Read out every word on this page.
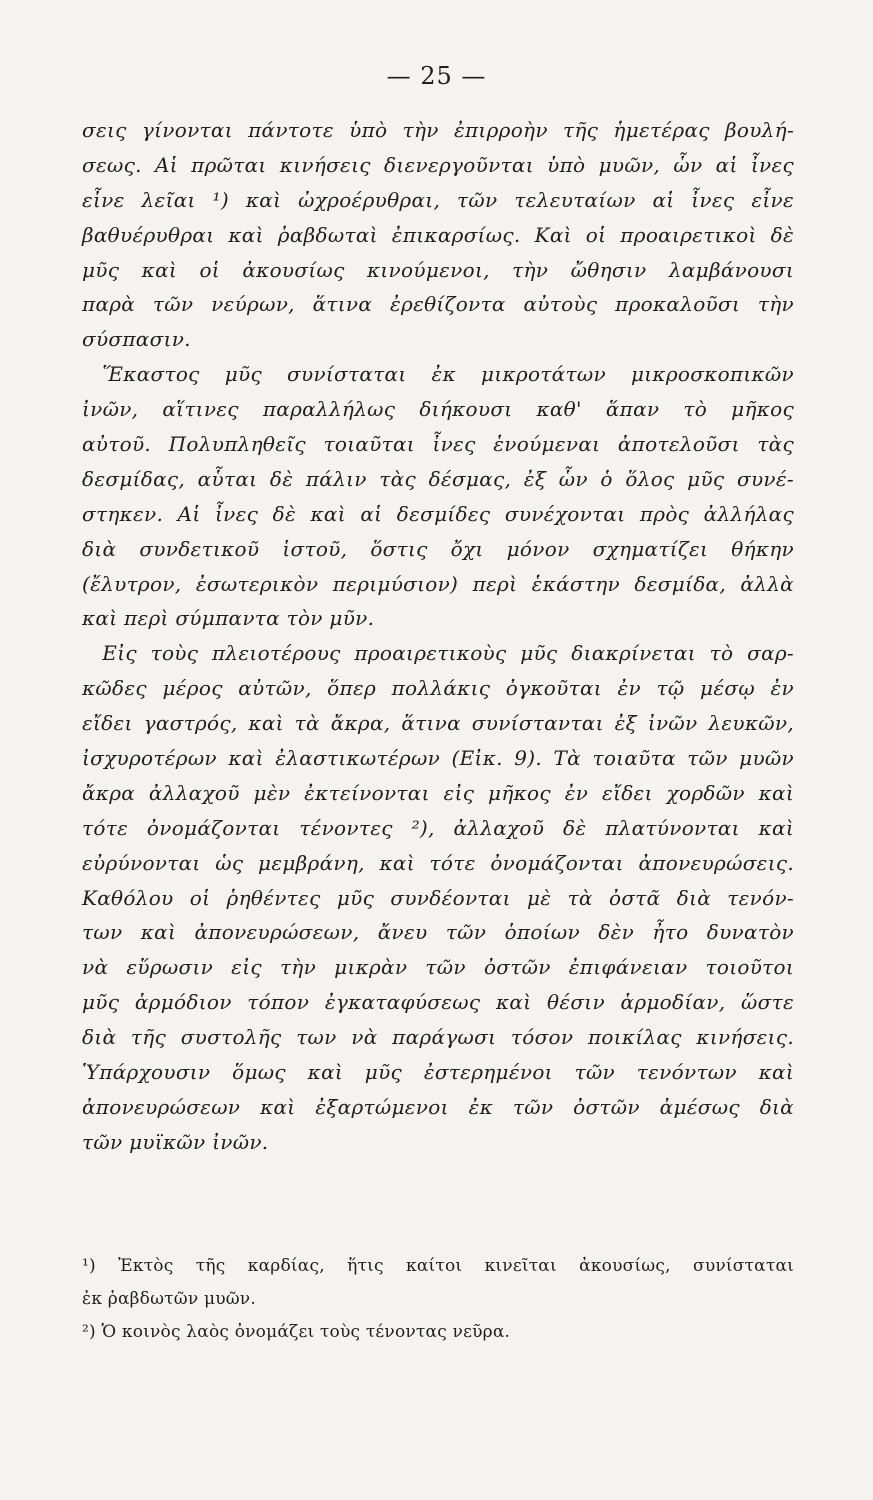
— 25 —
σεις γίνονται πάντοτε ὑπὸ τὴν ἐπιρροὴν τῆς ἡμετέρας βουλή-
σεως. Αἱ πρῶται κινήσεις διενεργοῦνται ὑπὸ μυῶν, ὧν αἱ ἶνες
εἶνε λεῖαι ¹) καὶ ὠχροέρυθραι, τῶν τελευταίων αἱ ἶνες εἶνε
βαθυέρυθραι καὶ ῥαβδωταὶ ἐπικαρσίως. Καὶ οἱ προαιρετικοὶ δὲ
μῦς καὶ οἱ ἀκουσίως κινούμενοι, τὴν ὤθησιν λαμβάνουσι
παρὰ τῶν νεύρων, ἅτινα ἐρεθίζοντα αὐτοὺς προκαλοῦσι τὴν
σύσπασιν.
 Ἕκαστος μῦς συνίσταται ἐκ μικροτάτων μικροσκοπικῶν
ἰνῶν, αἵτινες παραλλήλως διήκουσι καθ' ἅπαν τὸ μῆκος
αὐτοῦ. Πολυπληθεῖς τοιαῦται ἶνες ἑνούμεναι ἀποτελοῦσι τὰς
δεσμίδας, αὗται δὲ πάλιν τὰς δέσμας, ἐξ ὧν ὁ ὅλος μῦς συνέ-
στηκεν. Αἱ ἶνες δὲ καὶ αἱ δεσμίδες συνέχονται πρὸς ἀλλήλας
διὰ συνδετικοῦ ἱστοῦ, ὅστις ὄχι μόνον σχηματίζει θήκην
(ἔλυτρον, ἐσωτερικὸν περιμύσιον) περὶ ἑκάστην δεσμίδα, ἀλλὰ
καὶ περὶ σύμπαντα τὸν μῦν.
 Εἰς τοὺς πλειοτέρους προαιρετικοὺς μῦς διακρίνεται τὸ σαρ-
κῶδες μέρος αὐτῶν, ὅπερ πολλάκις ὀγκοῦται ἐν τῷ μέσῳ ἐν
εἴδει γαστρός, καὶ τὰ ἄκρα, ἅτινα συνίστανται ἐξ ἰνῶν λευκῶν,
ἰσχυροτέρων καὶ ἐλαστικωτέρων (Εἰκ. 9). Τὰ τοιαῦτα τῶν μυῶν
ἄκρα ἀλλαχοῦ μὲν ἐκτείνονται εἰς μῆκος ἐν εἴδει χορδῶν καὶ
τότε ὀνομάζονται τένοντες ²), ἀλλαχοῦ δὲ πλατύνονται καὶ
εὐρύνονται ὡς μεμβράνη, καὶ τότε ὀνομάζονται ἀπονευρώσεις.
Καθόλου οἱ ῥηθέντες μῦς συνδέονται μὲ τὰ ὀστᾶ διὰ τενόν-
των καὶ ἀπονευρώσεων, ἄνευ τῶν ὁποίων δὲν ἦτο δυνατὸν
νὰ εὕρωσιν εἰς τὴν μικρὰν τῶν ὀστῶν ἐπιφάνειαν τοιοῦτοι
μῦς ἁρμόδιον τόπον ἐγκαταφύσεως καὶ θέσιν ἁρμοδίαν, ὥστε
διὰ τῆς συστολῆς των νὰ παράγωσι τόσον ποικίλας κινήσεις.
Ὑπάρχουσιν ὅμως καὶ μῦς ἐστερημένοι τῶν τενόντων καὶ
ἀπονευρώσεων καὶ ἐξαρτώμενοι ἐκ τῶν ὀστῶν ἀμέσως διὰ
τῶν μυϊκῶν ἰνῶν.
¹) Ἐκτὸς τῆς καρδίας, ἥτις καίτοι κινεῖται ἀκουσίως, συνίσταται
ἐκ ῥαβδωτῶν μυῶν.
²) Ὁ κοινὸς λαὸς ὀνομάζει τοὺς τένοντας νεῦρα.
